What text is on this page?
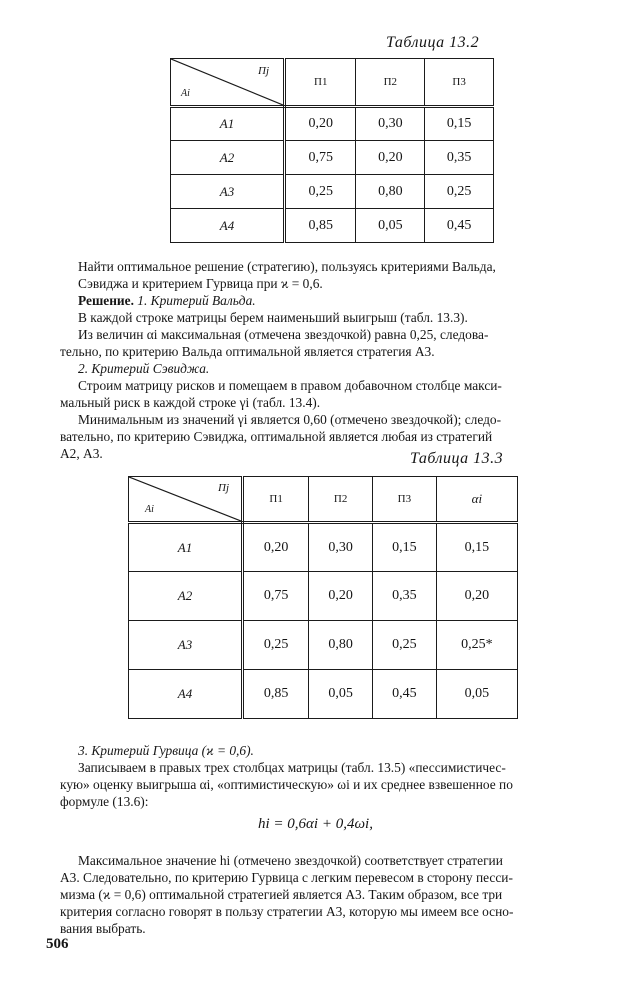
Таблица 13.2
Пj
Аi	П1	П2	П3
А1	0,20	0,30	0,15
А2	0,75	0,20	0,35
А3	0,25	0,80	0,25
А4	0,85	0,05	0,45
Найти оптимальное решение (стратегию), пользуясь критериями Вальда,
Сэвиджа и критерием Гурвица при ϰ = 0,6.
Решение. 1. Критерий Вальда.
В каждой строке матрицы берем наименьший выигрыш (табл. 13.3).
Из величин αi максимальная (отмечена звездочкой) равна 0,25, следова-
тельно, по критерию Вальда оптимальной является стратегия А3.
2. Критерий Сэвиджа.
Строим матрицу рисков и помещаем в правом добавочном столбце макси-
мальный риск в каждой строке γi (табл. 13.4).
Минимальным из значений γi является 0,60 (отмечено звездочкой); следо-
вательно, по критерию Сэвиджа, оптимальной является любая из стратегий
А2, А3.	Таблица 13.3
Пj
Аi	П1	П2	П3	αi
А1	0,20	0,30	0,15	0,15
А2	0,75	0,20	0,35	0,20
А3	0,25	0,80	0,25	0,25*
А4	0,85	0,05	0,45	0,05
3. Критерий Гурвица (ϰ = 0,6).
Записываем в правых трех столбцах матрицы (табл. 13.5) «пессимистичес-
кую» оценку выигрыша αi, «оптимистическую» ωi и их среднее взвешенное по
формуле (13.6):
hi = 0,6αi + 0,4ωi,
Максимальное значение hi (отмечено звездочкой) соответствует стратегии
А3. Следовательно, по критерию Гурвица с легким перевесом в сторону песси-
мизма (ϰ = 0,6) оптимальной стратегией является А3. Таким образом, все три
критерия согласно говорят в пользу стратегии А3, которую мы имеем все осно-
вания выбрать.
506
